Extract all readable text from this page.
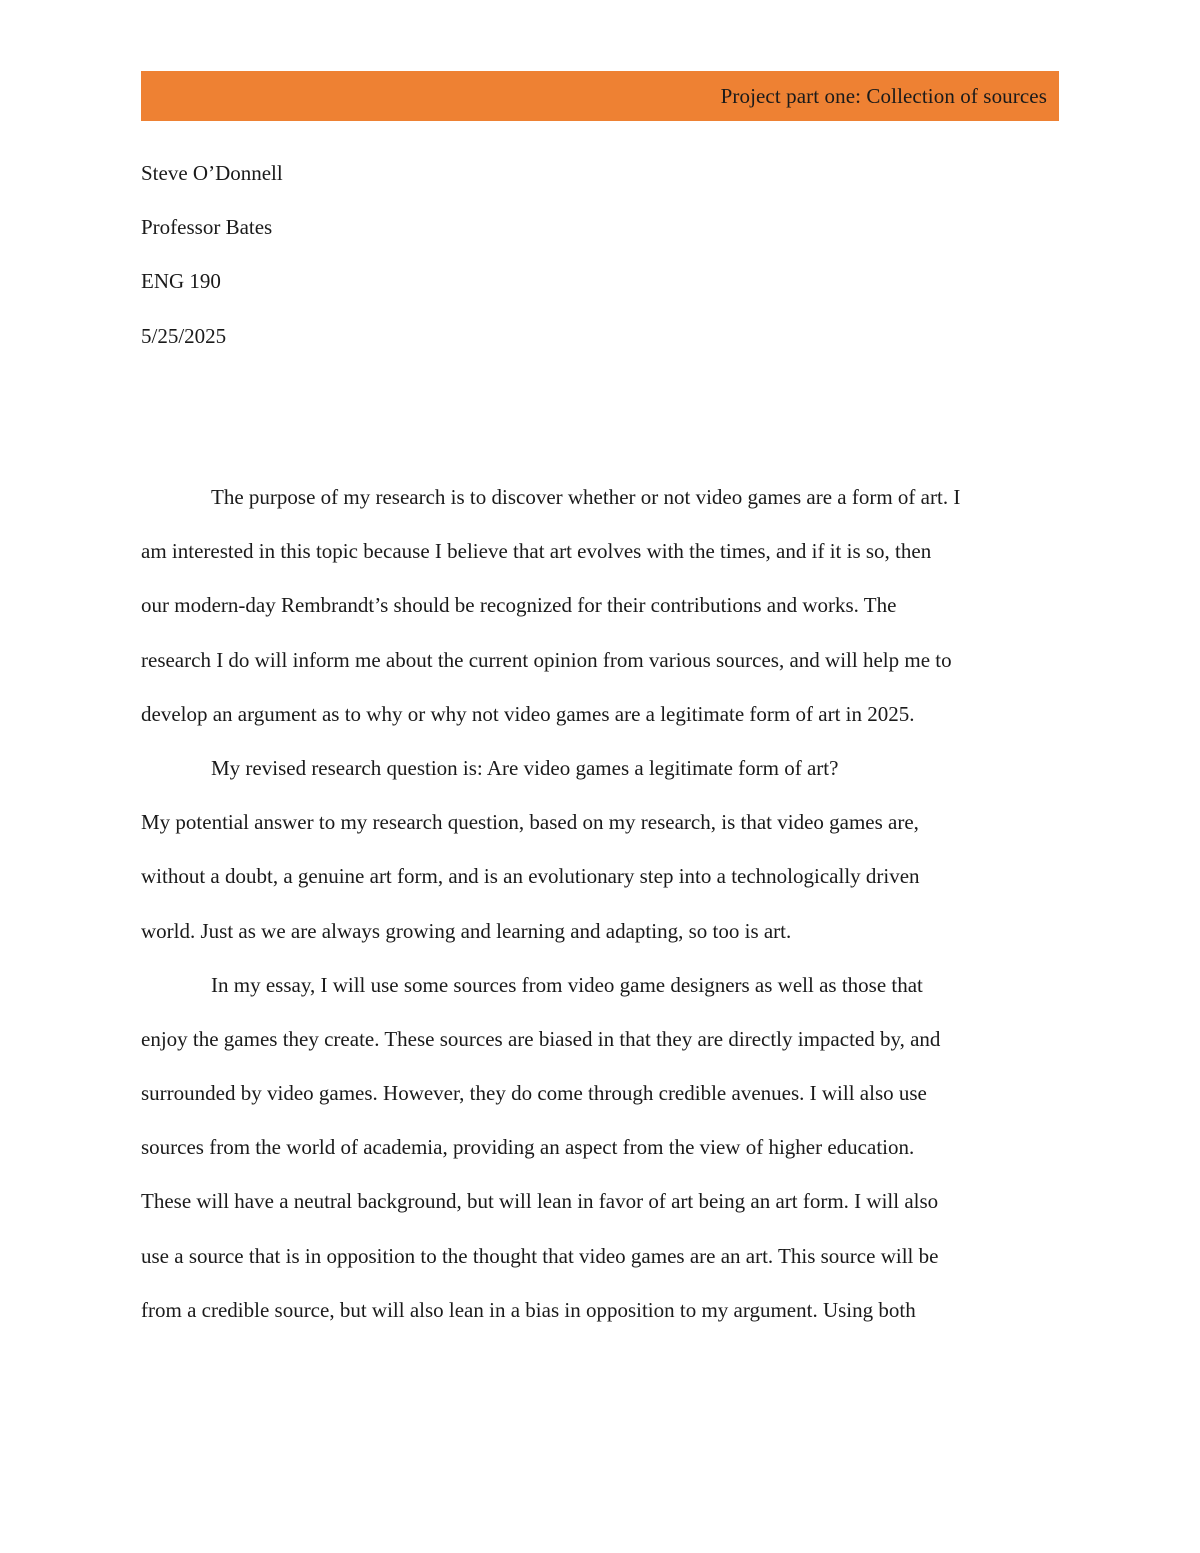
Project part one: Collection of sources
Steve O’Donnell
Professor Bates
ENG 190
5/25/2025
The purpose of my research is to discover whether or not video games are a form of art. I
am interested in this topic because I believe that art evolves with the times, and if it is so, then
our modern-day Rembrandt’s should be recognized for their contributions and works. The
research I do will inform me about the current opinion from various sources, and will help me to
develop an argument as to why or why not video games are a legitimate form of art in 2025.
My revised research question is: Are video games a legitimate form of art?
My potential answer to my research question, based on my research, is that video games are,
without a doubt, a genuine art form, and is an evolutionary step into a technologically driven
world. Just as we are always growing and learning and adapting, so too is art.
In my essay, I will use some sources from video game designers as well as those that
enjoy the games they create. These sources are biased in that they are directly impacted by, and
surrounded by video games. However, they do come through credible avenues. I will also use
sources from the world of academia, providing an aspect from the view of higher education.
These will have a neutral background, but will lean in favor of art being an art form. I will also
use a source that is in opposition to the thought that video games are an art. This source will be
from a credible source, but will also lean in a bias in opposition to my argument. Using both
